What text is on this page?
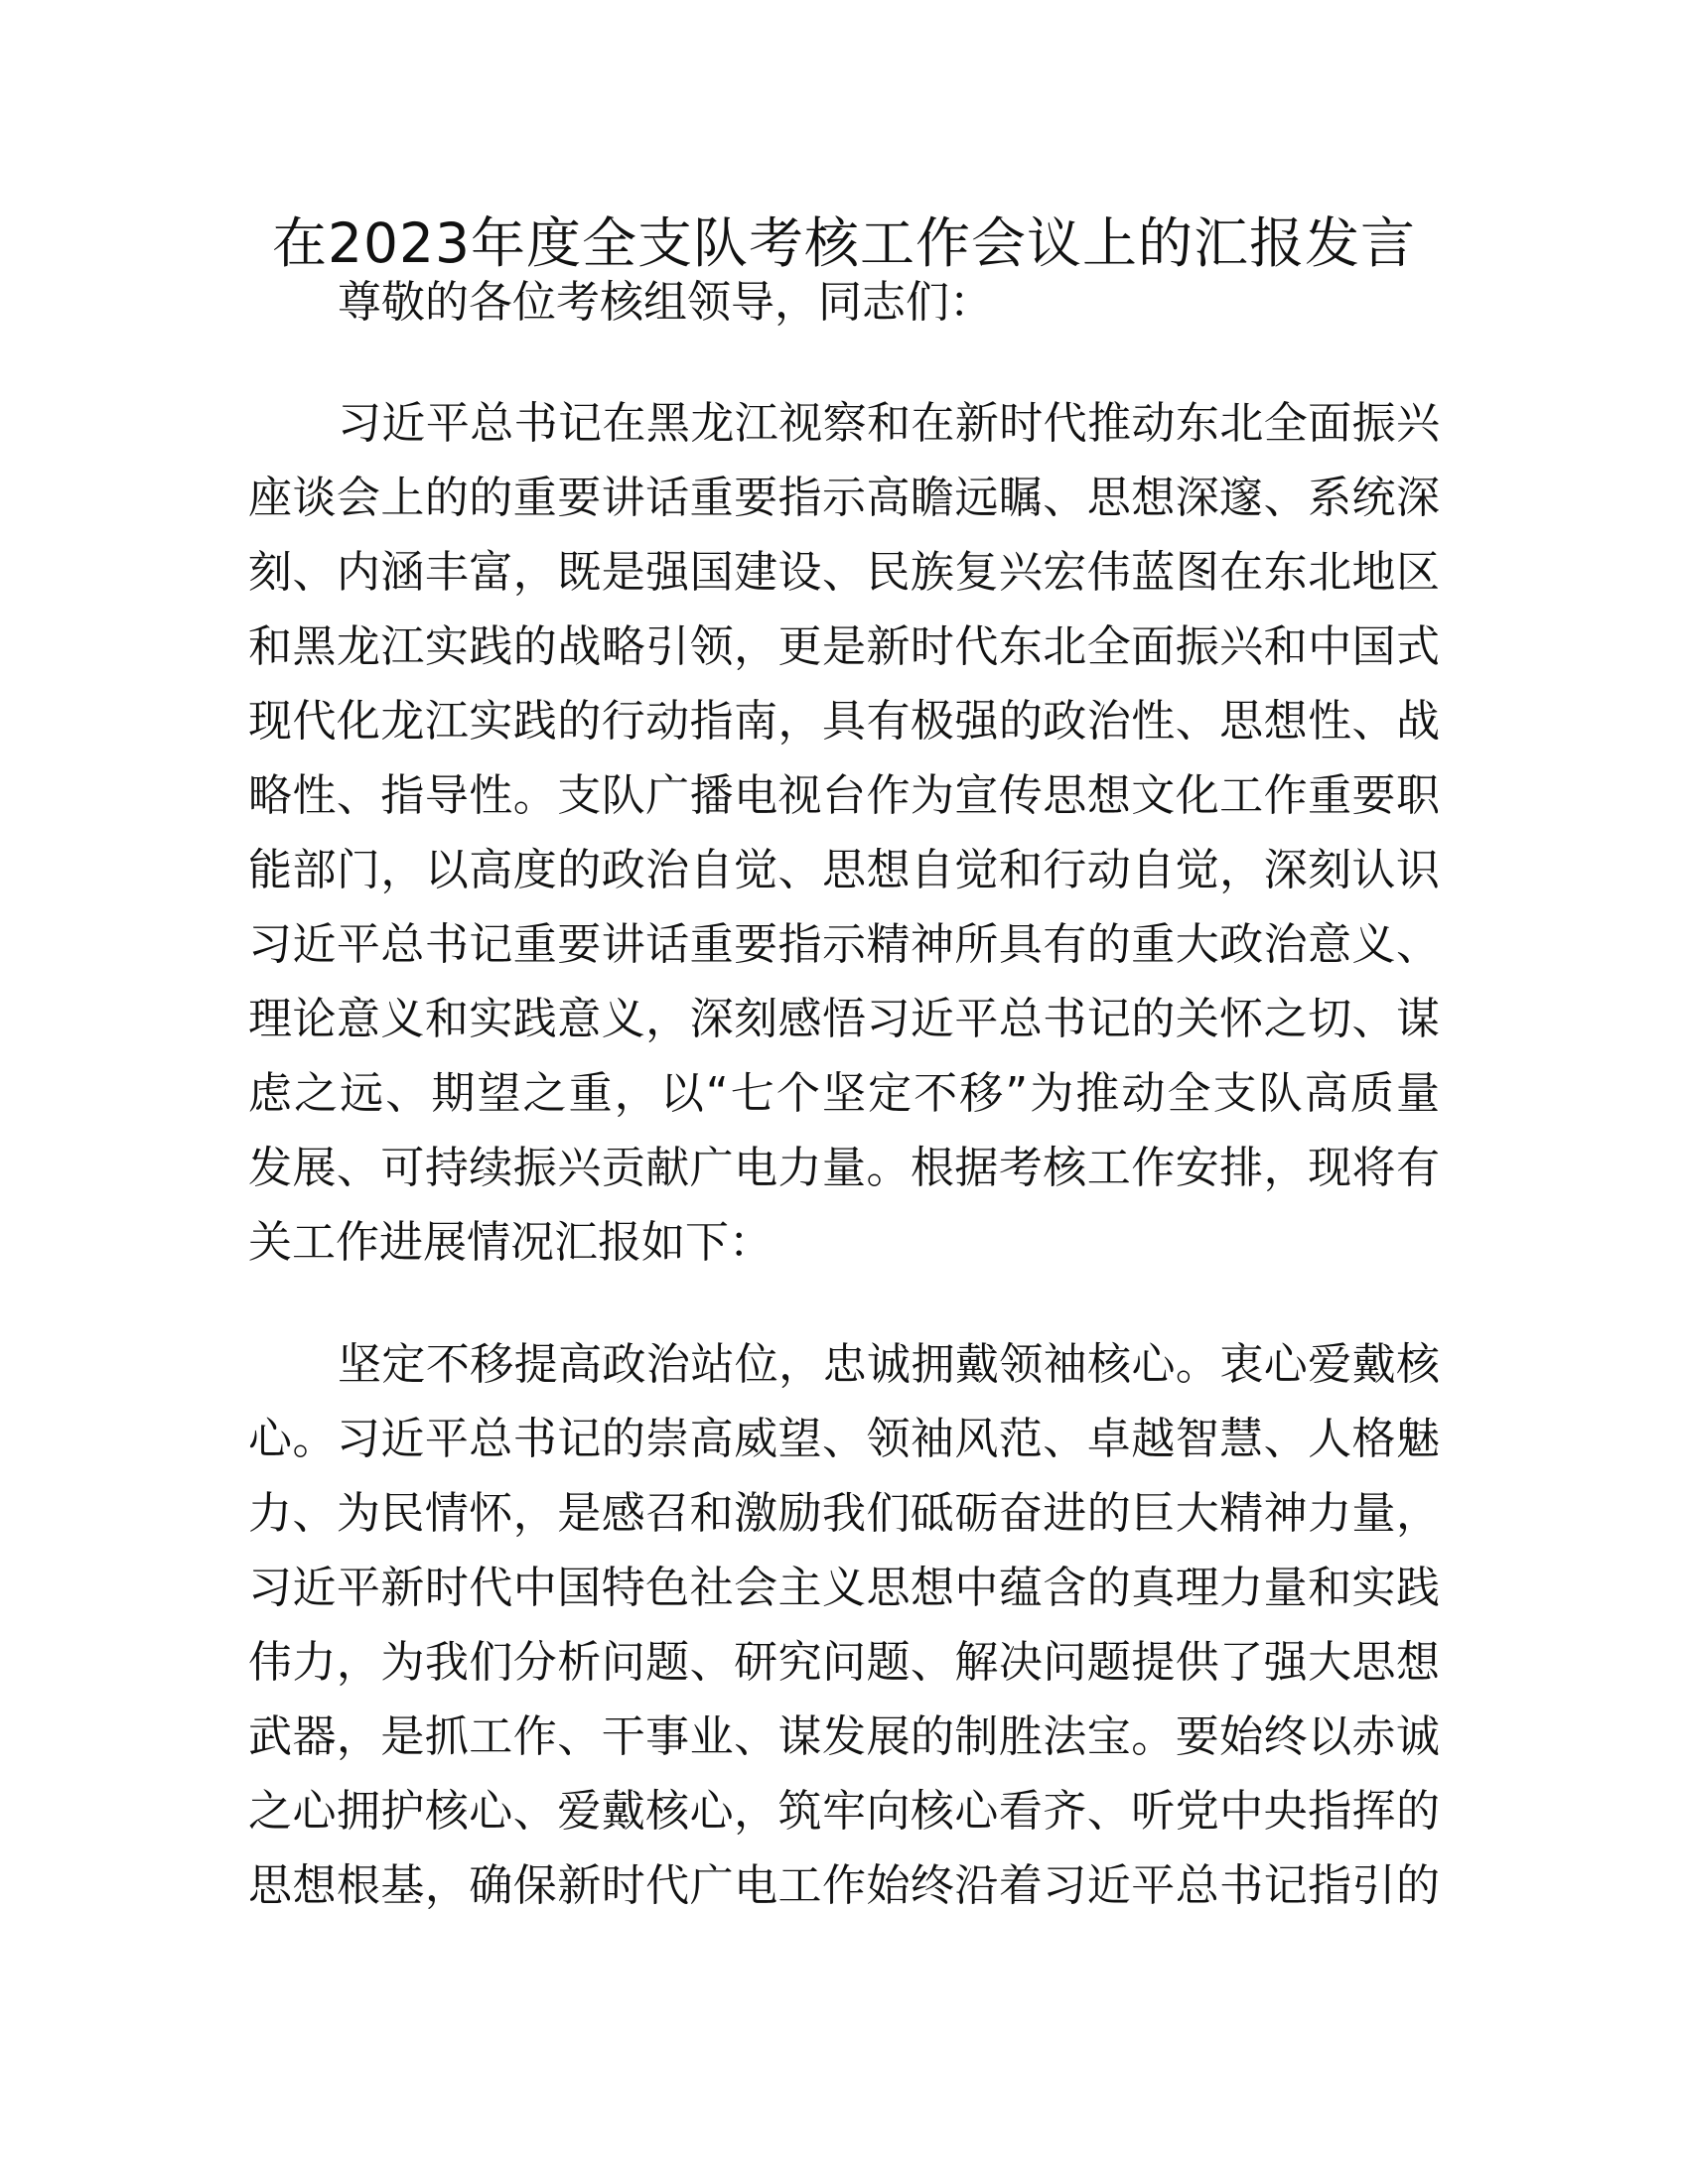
在2023年度全支队考核工作会议上的汇报发言
尊敬的各位考核组领导，同志们：
习近平总书记在黑龙江视察和在新时代推动东北全面振兴
座谈会上的的重要讲话重要指示高瞻远瞩、思想深邃、系统深
刻、内涵丰富，既是强国建设、民族复兴宏伟蓝图在东北地区
和黑龙江实践的战略引领，更是新时代东北全面振兴和中国式
现代化龙江实践的行动指南，具有极强的政治性、思想性、战
略性、指导性。支队广播电视台作为宣传思想文化工作重要职
能部门，以高度的政治自觉、思想自觉和行动自觉，深刻认识
习近平总书记重要讲话重要指示精神所具有的重大政治意义、
理论意义和实践意义，深刻感悟习近平总书记的关怀之切、谋
虑之远、期望之重，以“七个坚定不移”为推动全支队高质量
发展、可持续振兴贡献广电力量。根据考核工作安排，现将有
关工作进展情况汇报如下：
坚定不移提高政治站位，忠诚拥戴领袖核心。衷心爱戴核
心。习近平总书记的崇高威望、领袖风范、卓越智慧、人格魅
力、为民情怀，是感召和激励我们砥砺奋进的巨大精神力量，
习近平新时代中国特色社会主义思想中蕴含的真理力量和实践
伟力，为我们分析问题、研究问题、解决问题提供了强大思想
武器，是抓工作、干事业、谋发展的制胜法宝。要始终以赤诚
之心拥护核心、爱戴核心，筑牢向核心看齐、听党中央指挥的
思想根基，确保新时代广电工作始终沿着习近平总书记指引的
